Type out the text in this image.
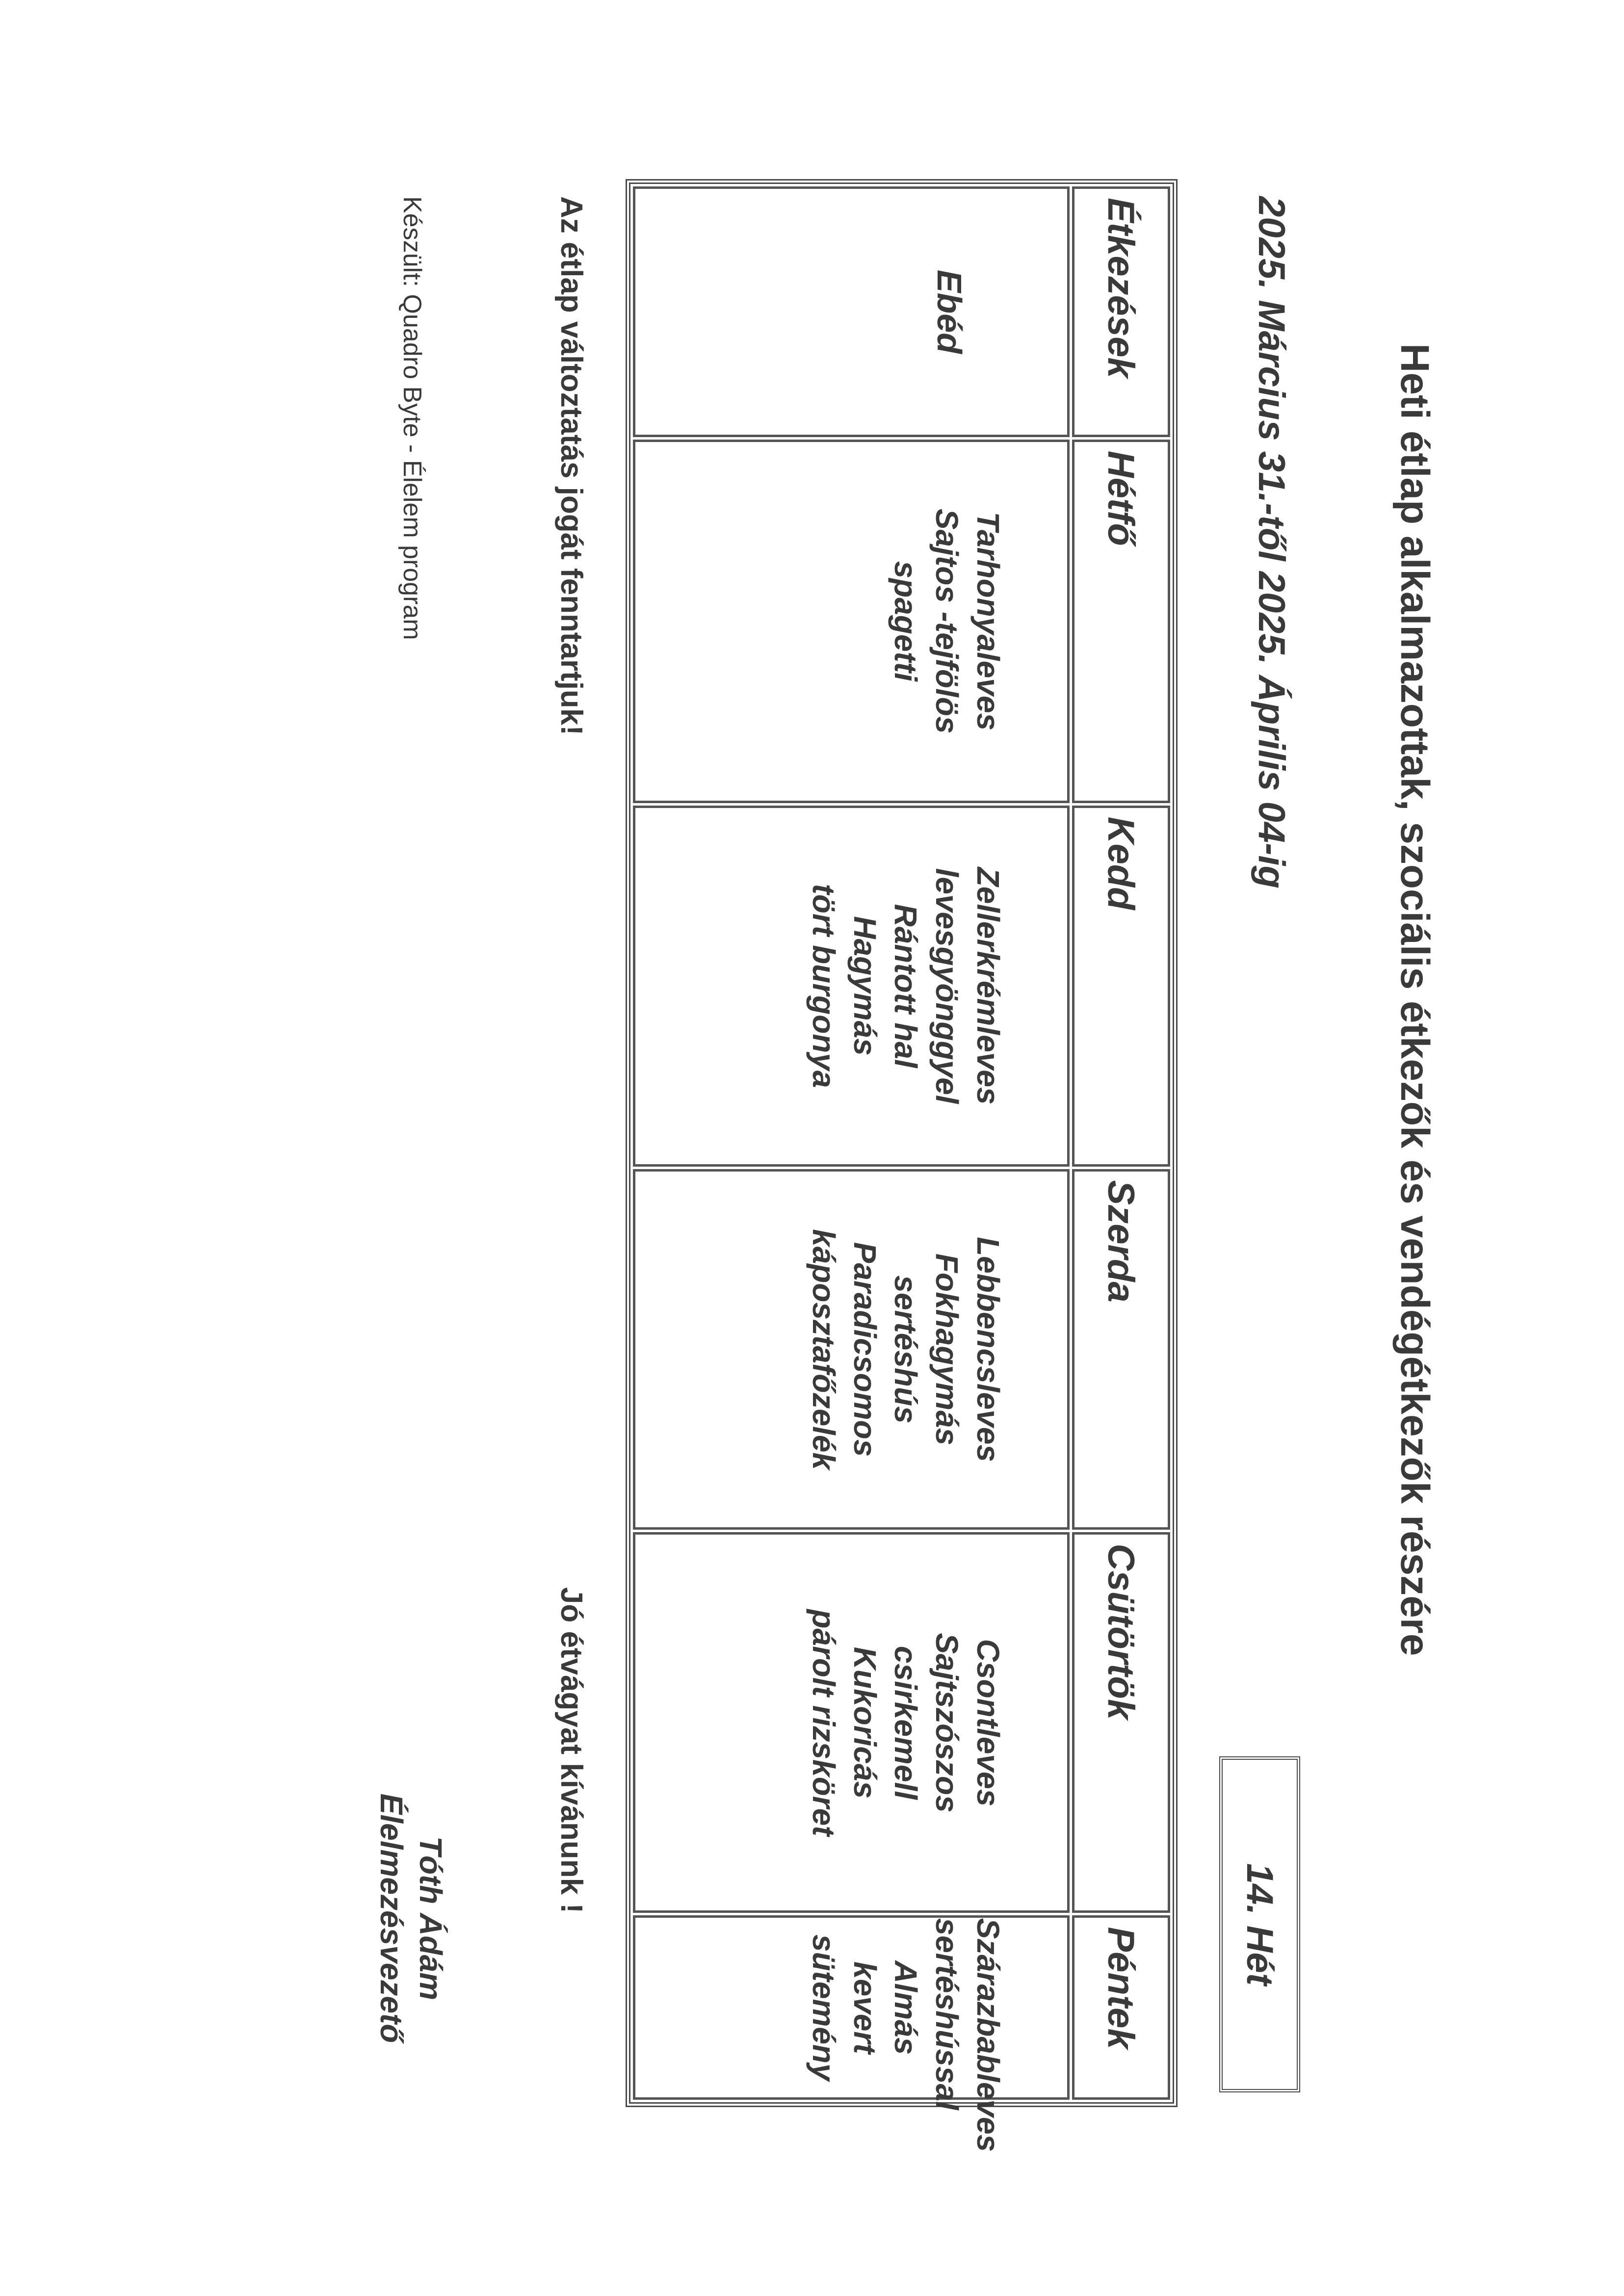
Heti étlap alkalmazottak, szociális étkezők és vendégétkezők részére
2025. Március 31.-től 2025. Április 04-ig
14. Hét
Étkezések	Hétfő	Kedd	Szerda	Csütörtök	Péntek
Ebéd	Tarhonyaleves
Sajtos -tejfölös
spagetti	Zellerkrémleves
levesgyönggyel
Rántott hal
Hagymás
tört burgonya	Lebbencsleves
Fokhagymás
sertéshús
Paradicsomos
káposztafőzelék	Csontleves
Sajtszószos
csirkemell
Kukoricás
párolt rizsköret	Szárazbableves
sertéshússal
Almás
kevert sütemény
Az étlap változtatás jogát fenntartjuk!
Jó étvágyat kívánunk !
Készült: Quadro Byte - Élelem program
Tóth Ádám
Élelmezésvezető
